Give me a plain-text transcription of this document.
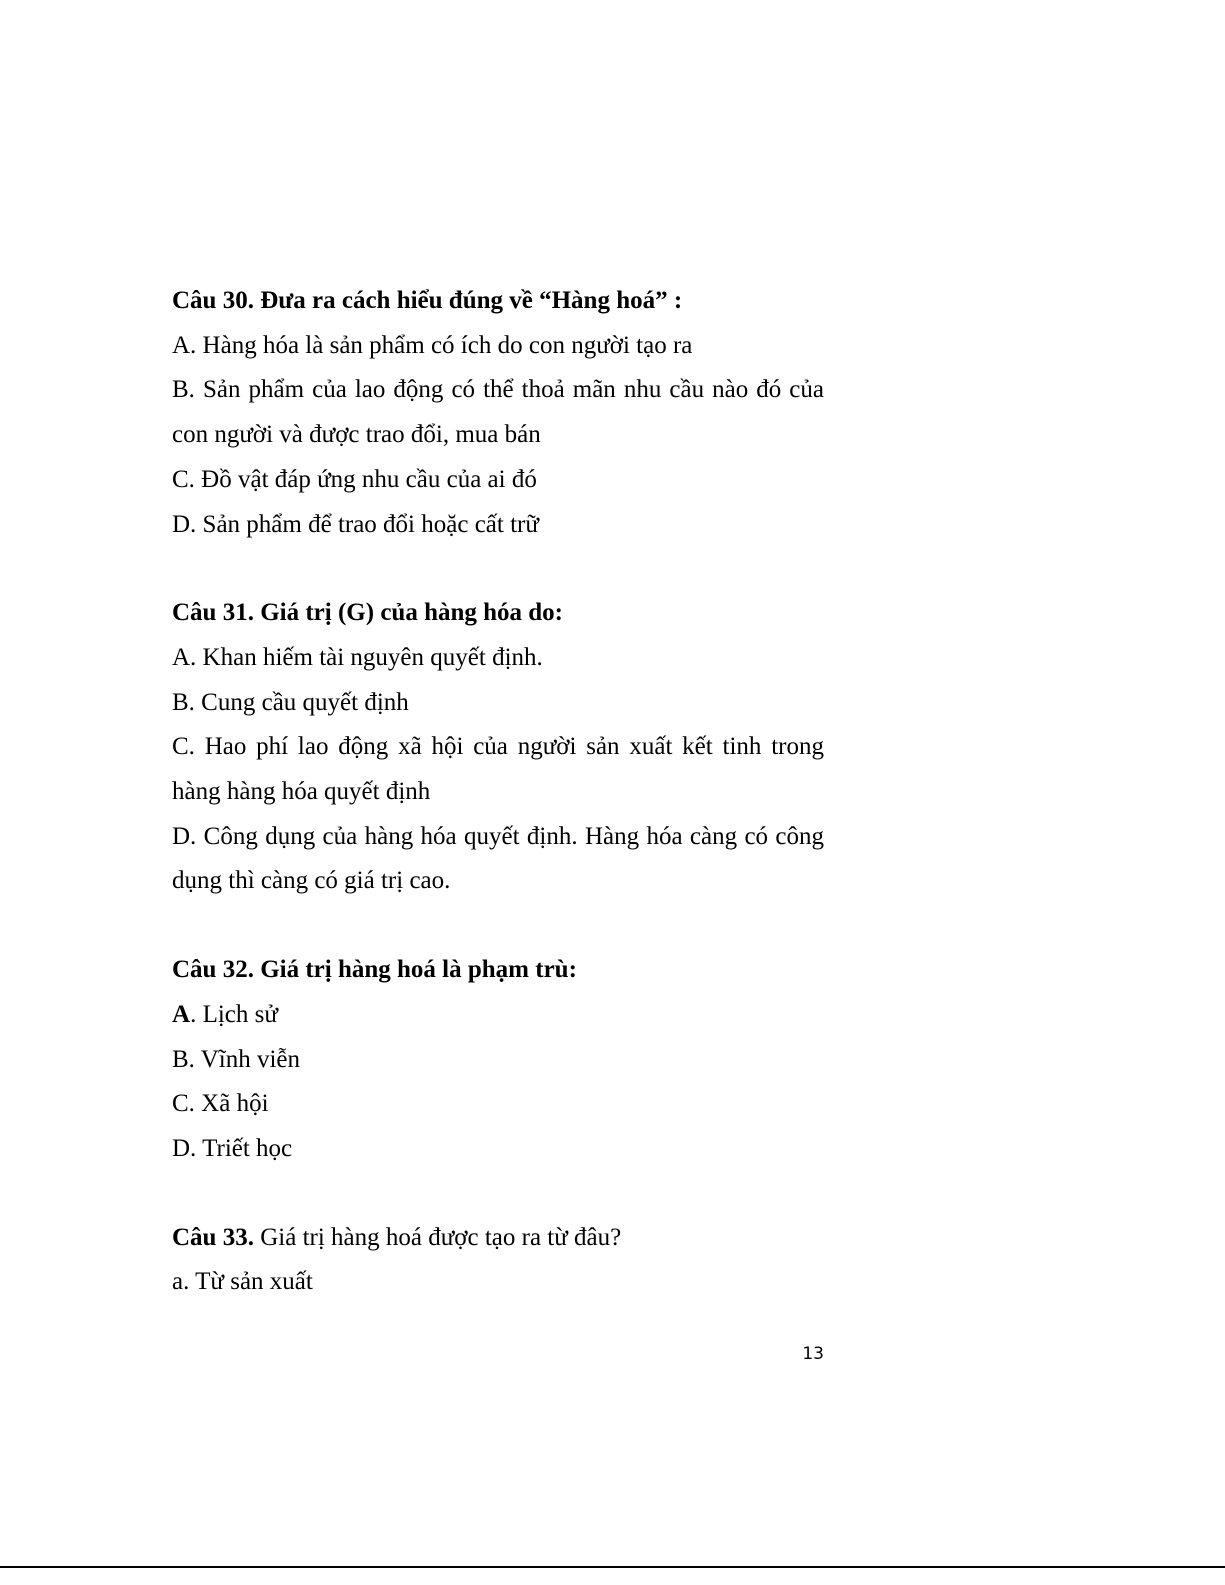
Câu 30. Đưa ra cách hiểu đúng về “Hàng hoá” :

A. Hàng hóa là sản phẩm có ích do con người tạo ra

B. Sản phẩm của lao động có thể thoả mãn nhu cầu nào đó của con người và được trao đổi, mua bán

C. Đồ vật đáp ứng nhu cầu của ai đó

D. Sản phẩm để trao đổi hoặc cất trữ

Câu 31. Giá trị (G) của hàng hóa do:

A. Khan hiếm tài nguyên quyết định.

B. Cung cầu quyết định

C. Hao phí lao động xã hội của người sản xuất kết tinh trong hàng hàng hóa quyết định

D. Công dụng của hàng hóa quyết định. Hàng hóa càng có công dụng thì càng có giá trị cao.

Câu 32. Giá trị hàng hoá là phạm trù:

A. Lịch sử

B. Vĩnh viễn

C. Xã hội

D. Triết học

Câu 33. Giá trị hàng hoá được tạo ra từ đâu?

a. Từ sản xuất

13
